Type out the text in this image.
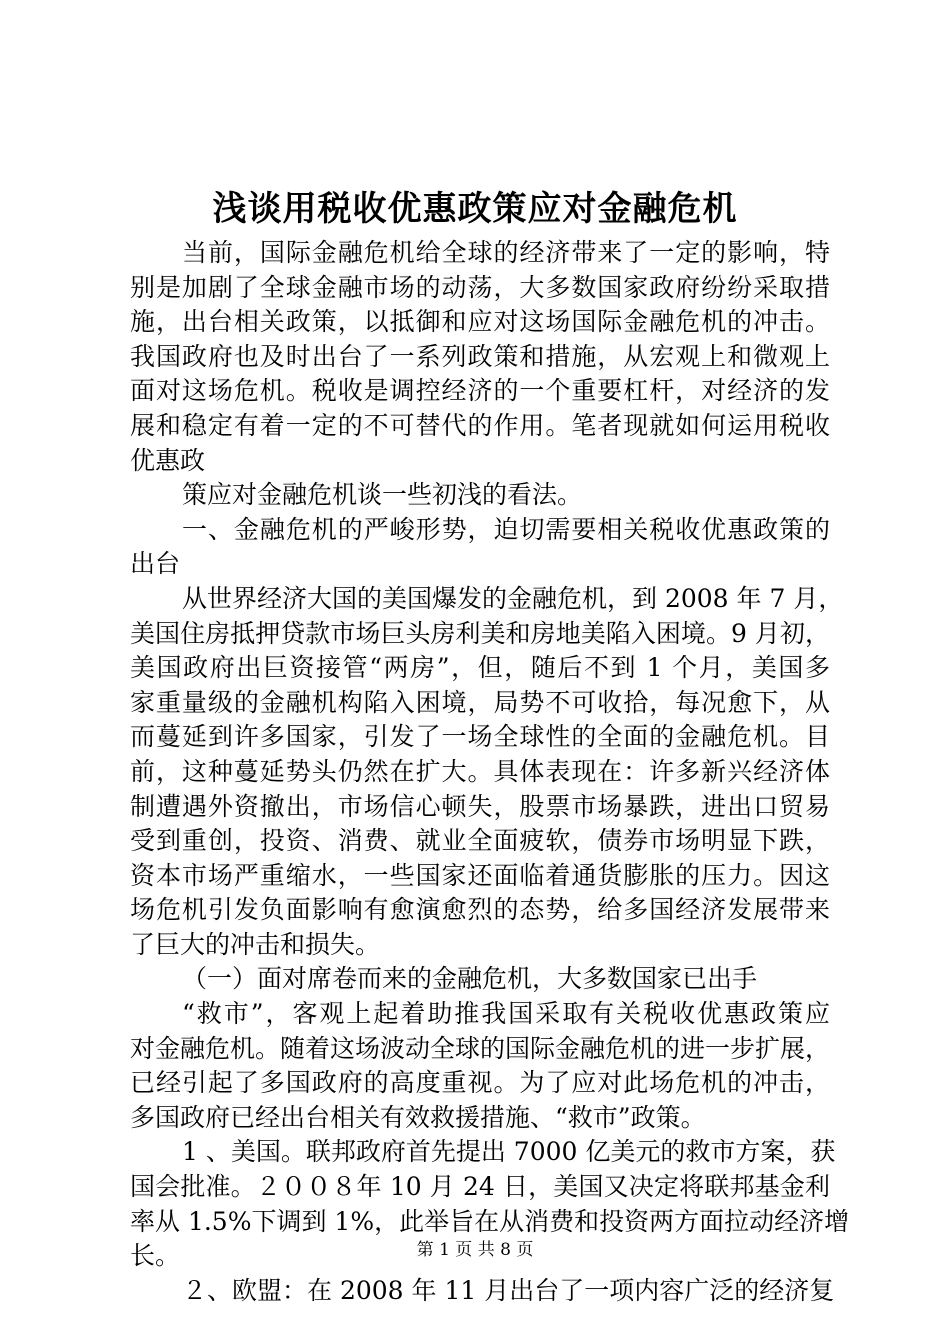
浅谈用税收优惠政策应对金融危机
当前，国际金融危机给全球的经济带来了一定的影响，特
别是加剧了全球金融市场的动荡，大多数国家政府纷纷采取措
施，出台相关政策，以抵御和应对这场国际金融危机的冲击。
我国政府也及时出台了一系列政策和措施，从宏观上和微观上
面对这场危机。税收是调控经济的一个重要杠杆，对经济的发
展和稳定有着一定的不可替代的作用。笔者现就如何运用税收
优惠政
策应对金融危机谈一些初浅的看法。
一、金融危机的严峻形势，迫切需要相关税收优惠政策的
出台
从世界经济大国的美国爆发的金融危机，到 2008 年 7 月，
美国住房抵押贷款市场巨头房利美和房地美陷入困境。9 月初，
美国政府出巨资接管“两房”，但，随后不到 1 个月，美国多
家重量级的金融机构陷入困境，局势不可收拾，每况愈下，从
而蔓延到许多国家，引发了一场全球性的全面的金融危机。目
前，这种蔓延势头仍然在扩大。具体表现在：许多新兴经济体
制遭遇外资撤出，市场信心顿失，股票市场暴跌，进出口贸易
受到重创，投资、消费、就业全面疲软，债券市场明显下跌，
资本市场严重缩水，一些国家还面临着通货膨胀的压力。因这
场危机引发负面影响有愈演愈烈的态势，给多国经济发展带来
了巨大的冲击和损失。
（一）面对席卷而来的金融危机，大多数国家已出手
“救市”，客观上起着助推我国采取有关税收优惠政策应
对金融危机。随着这场波动全球的国际金融危机的进一步扩展，
已经引起了多国政府的高度重视。为了应对此场危机的冲击，
多国政府已经出台相关有效救援措施、“救市”政策。
1 、美国。联邦政府首先提出 7000 亿美元的救市方案，获
国会批准。２００８年 10 月 24 日，美国又决定将联邦基金利
率从 1.5%下调到 1%，此举旨在从消费和投资两方面拉动经济增
长。
２、欧盟：在 2008 年 11 月出台了一项内容广泛的经济复
第 1 页 共 8 页
